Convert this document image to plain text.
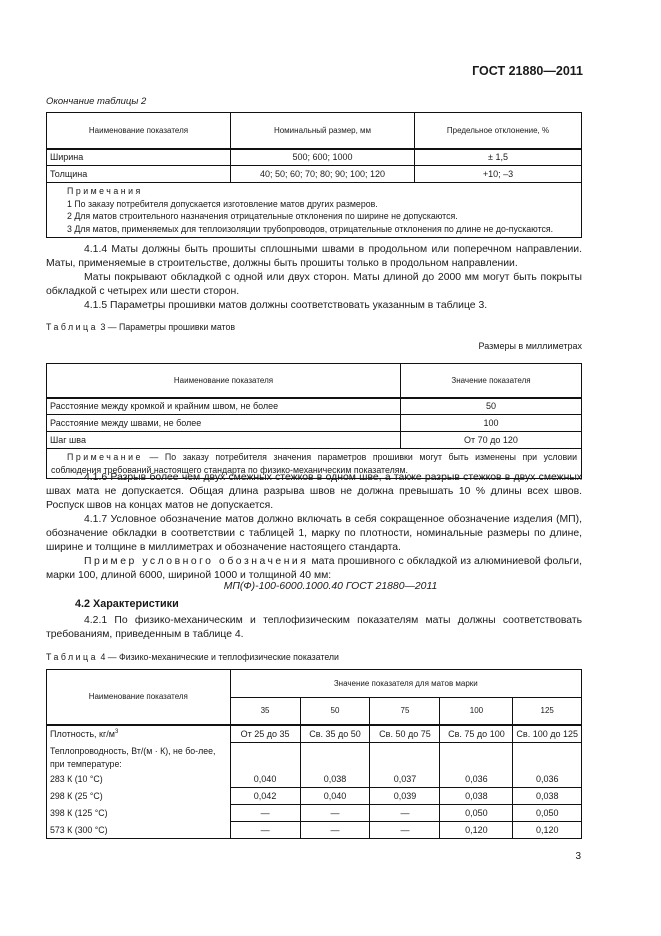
ГОСТ 21880—2011
Окончание таблицы 2
Наименование показателя	Номинальный размер, мм	Предельное отклонение, %
Ширина	500; 600; 1000	± 1,5
Толщина	40; 50; 60; 70; 80; 90; 100; 120	+10; –3

Примечания
1 По заказу потребителя допускается изготовление матов других размеров.
2 Для матов строительного назначения отрицательные отклонения по ширине не допускаются.
3 Для матов, применяемых для теплоизоляции трубопроводов, отрицательные отклонения по длине не до-пускаются.		

4.1.4 Маты должны быть прошиты сплошными швами в продольном или поперечном направлении. Маты, применяемые в строительстве, должны быть прошиты только в продольном направлении.

Маты покрывают обкладкой с одной или двух сторон. Маты длиной до 2000 мм могут быть покрыты обкладкой с четырех или шести сторон.

4.1.5 Параметры прошивки матов должны соответствовать указанным в таблице 3.

Таблица 3 — Параметры прошивки матов
Размеры в миллиметрах
Наименование показателя	Значение показателя
Расстояние между кромкой и крайним швом, не более	50
Расстояние между швами, не более	100
Шаг шва	От 70 до 120
Примечание — По заказу потребителя значения параметров прошивки могут быть изменены при условии соблюдения требований настоящего стандарта по физико-механическим показателям.	

4.1.6 Разрыв более чем двух смежных стежков в одном шве, а также разрыв стежков в двух смежных швах мата не допускается. Общая длина разрыва швов не должна превышать 10 % длины всех швов. Роспуск швов на концах матов не допускается.

4.1.7 Условное обозначение матов должно включать в себя сокращенное обозначение изделия (МП), обозначение обкладки в соответствии с таблицей 1, марку по плотности, номинальные размеры по длине, ширине и толщине в миллиметрах и обозначение настоящего стандарта.

Пример условного обозначения мата прошивного с обкладкой из алюминиевой фольги, марки 100, длиной 6000, шириной 1000 и толщиной 40 мм:

МП(Ф)-100-6000.1000.40 ГОСТ 21880—2011
4.2 Характеристики

4.2.1 По физико-механическим и теплофизическим показателям маты должны соответствовать требованиям, приведенным в таблице 4.

Таблица 4 — Физико-механические и теплофизические показатели
Наименование показателя	Значение показателя для матов марки				
	35	50	75	100	125
Плотность, $кг/м^3$	От 25 до 35	Св. 35 до 50	Св. 50 до 75	Св. 75 до 100	Св. 100 до 125
Теплопроводность, Вт/(м · К), не бо-лее, при температуре:					
283 К (10 °С)	0,040	0,038	0,037	0,036	0,036
298 К (25 °С)	0,042	0,040	0,039	0,038	0,038
398 К (125 °С)	—	—	—	0,050	0,050
573 К (300 °С)	—	—	—	0,120	0,120
3
